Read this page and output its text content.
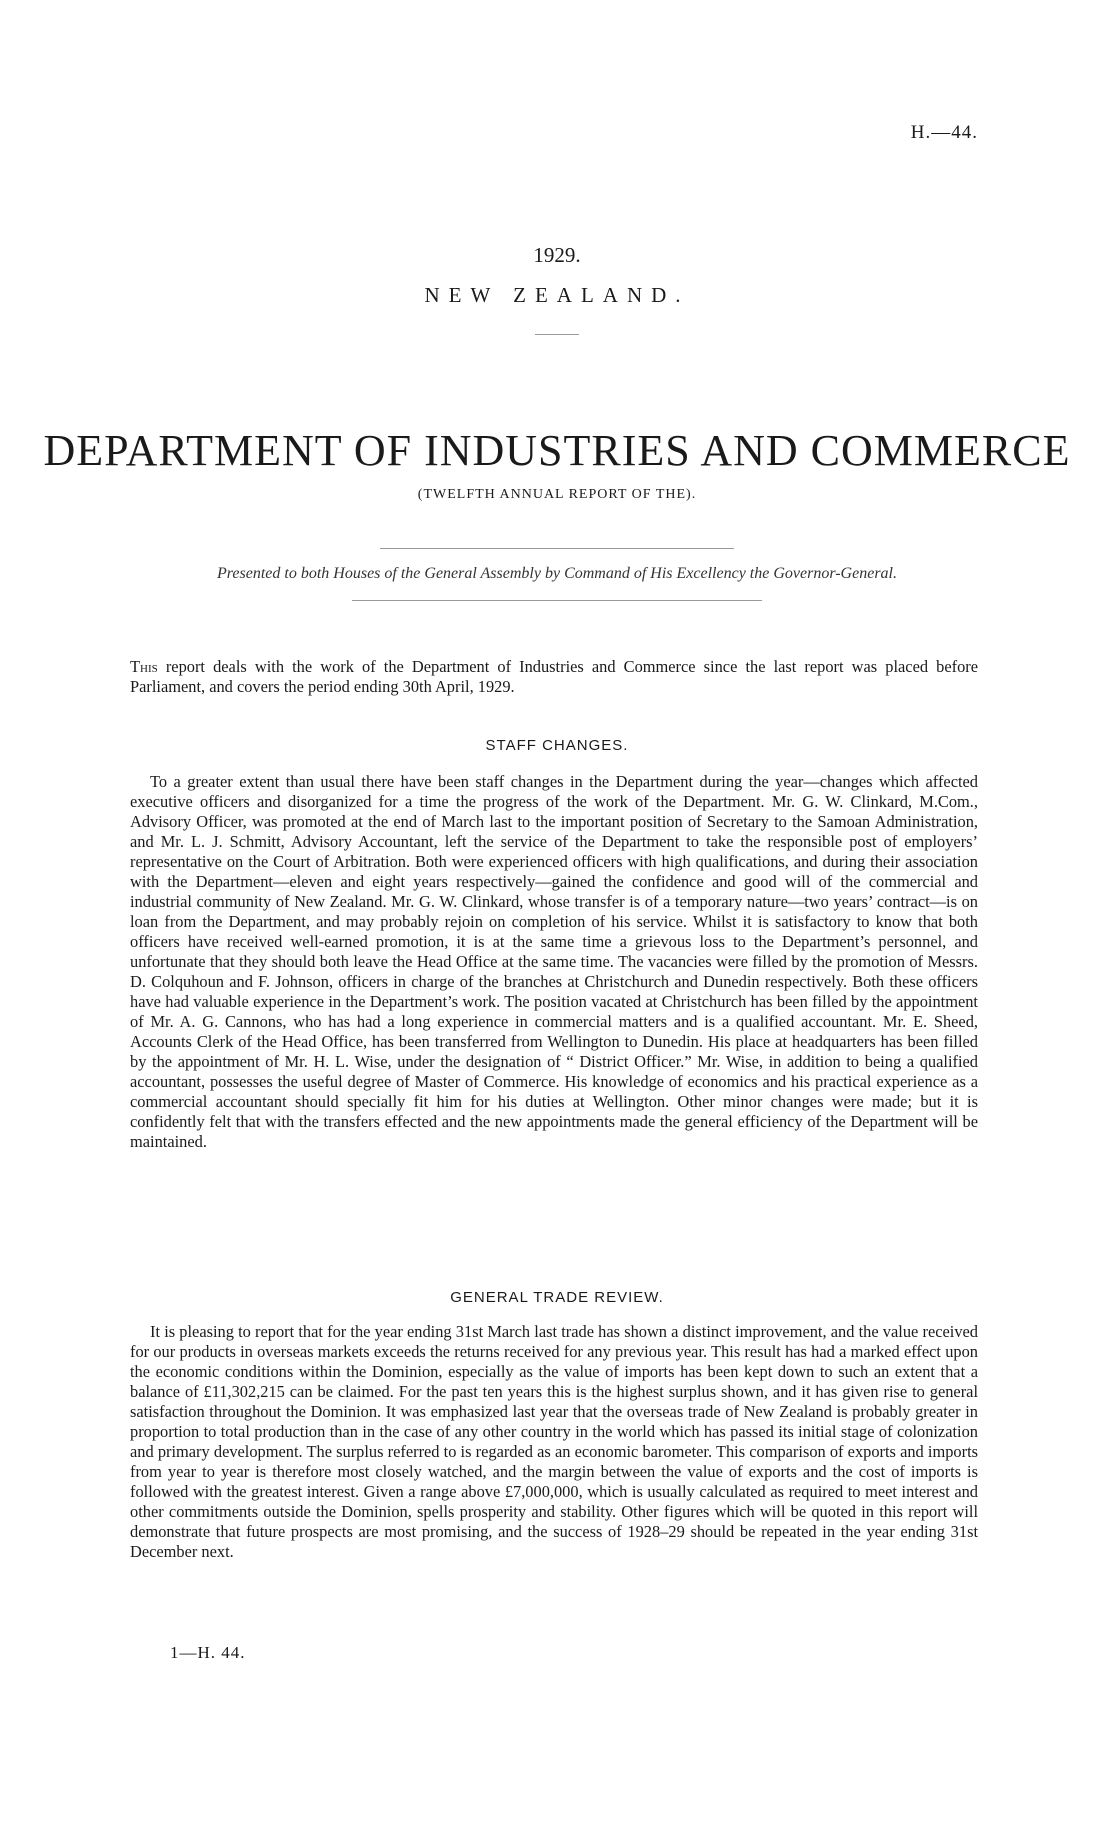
H.—44.
1929.
NEW ZEALAND.
DEPARTMENT OF INDUSTRIES AND COMMERCE
(TWELFTH ANNUAL REPORT OF THE).
Presented to both Houses of the General Assembly by Command of His Excellency the Governor-General.

This report deals with the work of the Department of Industries and Commerce since the last report was placed before Parliament, and covers the period ending 30th April, 1929.

STAFF CHANGES.

To a greater extent than usual there have been staff changes in the Department during the year—changes which affected executive officers and disorganized for a time the progress of the work of the Department. Mr. G. W. Clinkard, M.Com., Advisory Officer, was promoted at the end of March last to the important position of Secretary to the Samoan Administration, and Mr. L. J. Schmitt, Advisory Accountant, left the service of the Department to take the responsible post of employers’ representative on the Court of Arbitration. Both were experienced officers with high qualifications, and during their association with the Department—eleven and eight years respectively—gained the confidence and good will of the commercial and industrial community of New Zealand. Mr. G. W. Clinkard, whose transfer is of a temporary nature—two years’ contract—is on loan from the Department, and may probably rejoin on completion of his service. Whilst it is satisfactory to know that both officers have received well-earned promotion, it is at the same time a grievous loss to the Department’s personnel, and unfortunate that they should both leave the Head Office at the same time. The vacancies were filled by the promotion of Messrs. D. Colquhoun and F. Johnson, officers in charge of the branches at Christchurch and Dunedin respectively. Both these officers have had valuable experience in the Department’s work. The position vacated at Christchurch has been filled by the appointment of Mr. A. G. Cannons, who has had a long experience in commercial matters and is a qualified accountant. Mr. E. Sheed, Accounts Clerk of the Head Office, has been transferred from Wellington to Dunedin. His place at headquarters has been filled by the appointment of Mr. H. L. Wise, under the designation of “ District Officer.” Mr. Wise, in addition to being a qualified accountant, possesses the useful degree of Master of Commerce. His knowledge of economics and his practical experience as a commercial accountant should specially fit him for his duties at Wellington. Other minor changes were made; but it is confidently felt that with the transfers effected and the new appointments made the general efficiency of the Department will be maintained.

GENERAL TRADE REVIEW.

It is pleasing to report that for the year ending 31st March last trade has shown a distinct improvement, and the value received for our products in overseas markets exceeds the returns received for any previous year. This result has had a marked effect upon the economic conditions within the Dominion, especially as the value of imports has been kept down to such an extent that a balance of £11,302,215 can be claimed. For the past ten years this is the highest surplus shown, and it has given rise to general satisfaction throughout the Dominion. It was emphasized last year that the overseas trade of New Zealand is probably greater in proportion to total production than in the case of any other country in the world which has passed its initial stage of colonization and primary development. The surplus referred to is regarded as an economic barometer. This comparison of exports and imports from year to year is therefore most closely watched, and the margin between the value of exports and the cost of imports is followed with the greatest interest. Given a range above £7,000,000, which is usually calculated as required to meet interest and other commitments outside the Dominion, spells prosperity and stability. Other figures which will be quoted in this report will demonstrate that future prospects are most promising, and the success of 1928–29 should be repeated in the year ending 31st December next.

1—H. 44.
